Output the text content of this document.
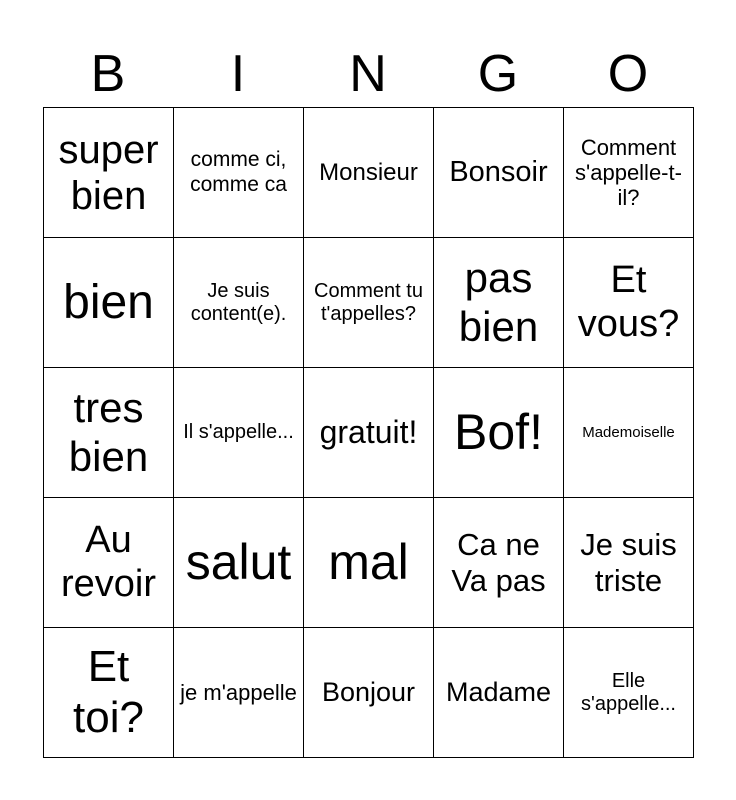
B	I	N	G	O
super bien	comme ci, comme ca	Monsieur	Bonsoir	Comment s'appelle-t-il?
bien	Je suis content(e).	Comment tu t'appelles?	pas bien	Et vous?
tres bien	Il s'appelle...	gratuit!	Bof!	Mademoiselle
Au revoir	salut	mal	Ca ne Va pas	Je suis triste
Et toi?	je m'appelle	Bonjour	Madame	Elle s'appelle...
